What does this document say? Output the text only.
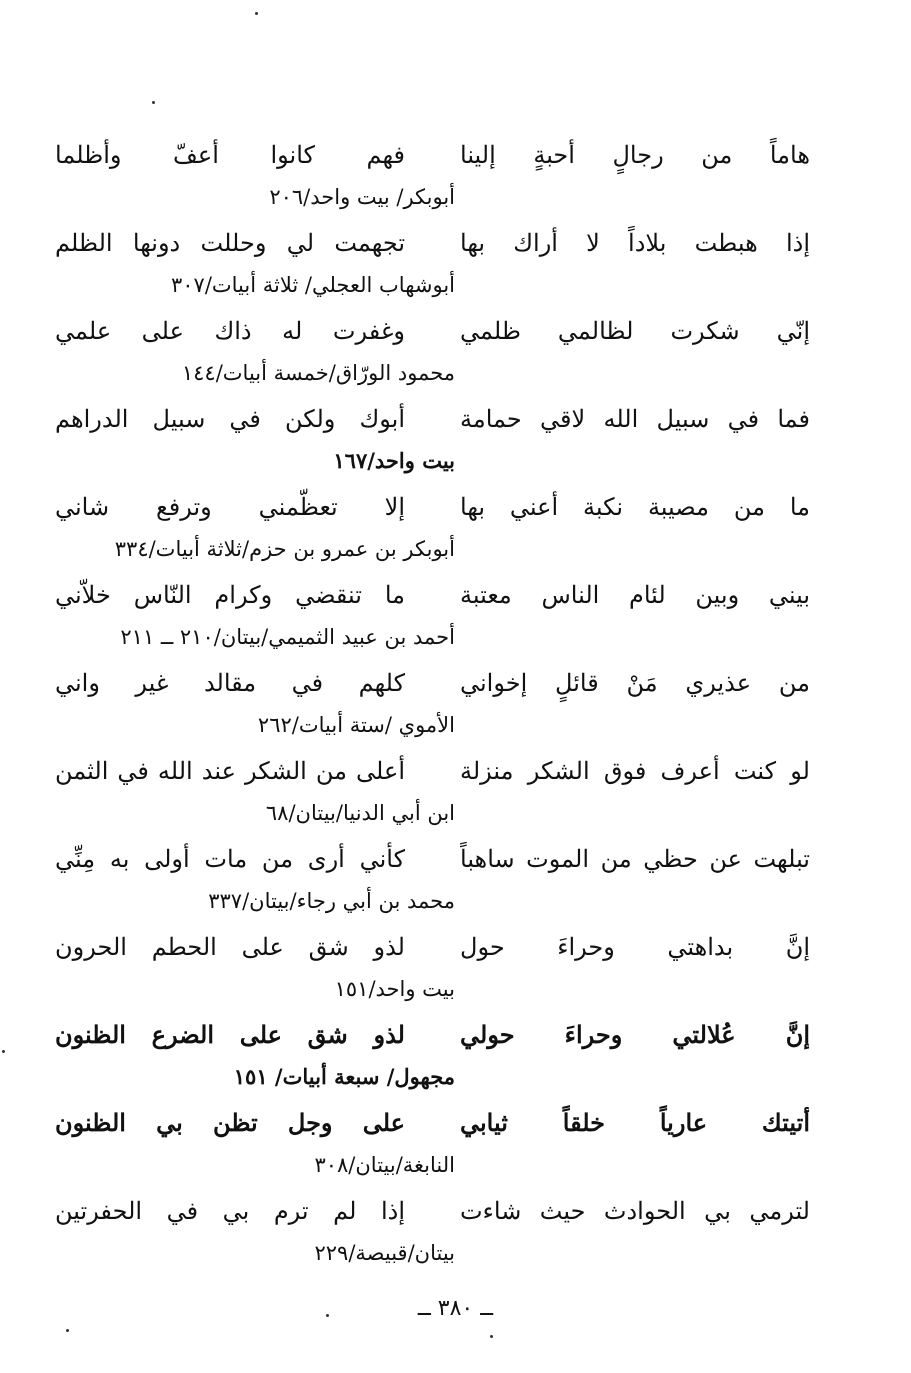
هاماً من رجالٍ أحبةٍ إلينا
فهم كانوا أعفّ وأظلما
أبوبكر/ بيت واحد/٢٠٦
إذا هبطت بلاداً لا أراك بها
تجهمت لي وحللت دونها الظلم
أبوشهاب العجلي/ ثلاثة أبيات/٣٠٧
إنّي شكرت لظالمي ظلمي
وغفرت له ذاك على علمي
محمود الورّاق/خمسة أبيات/١٤٤
فما في سبيل الله لاقي حمامة
أبوك ولكن في سبيل الدراهم
بيت واحد/١٦٧
ما من مصيبة نكبة أعني بها
إلا تعظّمني وترفع شاني
أبوبكر بن عمرو بن حزم/ثلاثة أبيات/٣٣٤
بيني وبين لئام الناس معتبة
ما تنقضي وكرام النّاس خلاّني
أحمد بن عبيد الثميمي/بيتان/٢١٠ ــ ٢١١
من عذيري مَنْ قائلٍ إخواني
كلهم في مقالد غير واني
الأموي /ستة أبيات/٢٦٢
لو كنت أعرف فوق الشكر منزلة
أعلى من الشكر عند الله في الثمن
ابن أبي الدنيا/بيتان/٦٨
تبلهت عن حظي من الموت ساهباً
كأني أرى من مات أولى به مِنِّي
محمد بن أبي رجاء/بيتان/٣٣٧
إنَّ بداهتي وحراءَ حول
لذو شق على الحطم الحرون
بيت واحد/١٥١
إنَّ عُلالتي وحراءَ حولي
لذو شق على الضرع الظنون
مجهول/ سبعة أبيات/ ١٥١
أتيتك عارياً خلقاً ثيابي
على وجل تظن بي الظنون
النابغة/بيتان/٣٠٨
لترمي بي الحوادث حيث شاءت
إذا لم ترم بي في الحفرتين
بيتان/قبيصة/٢٢٩
ــ ٣٨٠ ــ
